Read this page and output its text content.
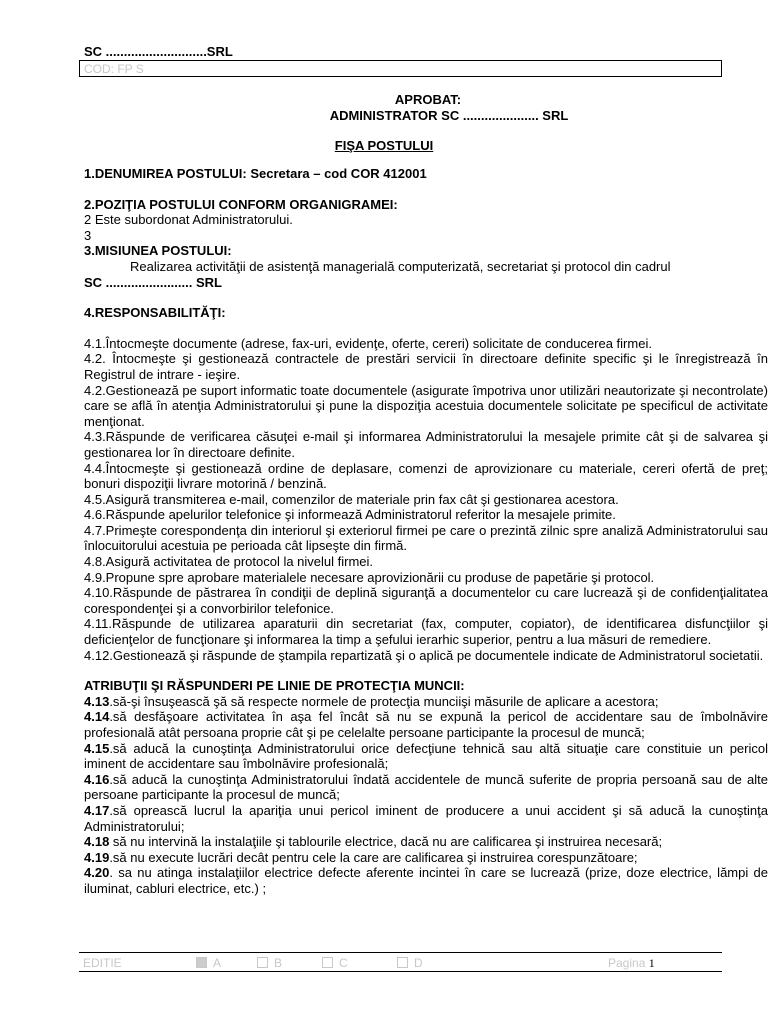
SC ............................SRL
COD: FP S
APROBAT:
ADMINISTRATOR SC ..................... SRL
FIŞA POSTULUI

1.DENUMIREA POSTULUI: Secretara – cod COR 412001

2.POZIŢIA POSTULUI CONFORM ORGANIGRAMEI:

2 Este subordonat Administratorului.

3

3.MISIUNEA POSTULUI:

Realizarea activităţii de asistenţă managerială computerizată, secretariat şi protocol din cadrul

SC ........................ SRL

4.RESPONSABILITĂŢI:

4.1.Întocmeşte documente (adrese, fax-uri, evidenţe, oferte, cereri) solicitate de conducerea firmei.

4.2. Întocmeşte şi gestionează contractele de prestări servicii în directoare definite specific şi le înregistrează în Registrul de intrare - ieşire.

4.2.Gestionează pe suport informatic toate documentele (asigurate împotriva unor utilizări neautorizate şi necontrolate) care se află în atenţia Administratorului şi pune la dispoziţia acestuia documentele solicitate pe specificul de activitate menţionat.

4.3.Răspunde de verificarea căsuţei e-mail şi informarea Administratorului la mesajele primite cât şi de salvarea şi gestionarea lor în directoare definite.

4.4.Întocmeşte şi gestionează ordine de deplasare, comenzi de aprovizionare cu materiale, cereri ofertă de preţ; bonuri dispoziţii livrare motorină / benzină.

4.5.Asigură transmiterea e-mail, comenzilor de materiale prin fax cât şi gestionarea acestora.

4.6.Răspunde apelurilor telefonice şi informează Administratorul referitor la mesajele primite.

4.7.Primeşte corespondenţa din interiorul şi exteriorul firmei pe care o prezintă zilnic spre analiză Administratorului sau înlocuitorului acestuia pe perioada cât lipseşte din firmă.

4.8.Asigură activitatea de protocol la nivelul firmei.

4.9.Propune spre aprobare materialele necesare aprovizionării cu produse de papetărie şi protocol.

4.10.Răspunde de păstrarea în condiţii de deplină siguranţă a documentelor cu care lucrează şi de confidenţialitatea corespondenţei şi a convorbirilor telefonice.

4.11.Răspunde de utilizarea aparaturii din secretariat (fax, computer, copiator), de identificarea disfuncţiilor şi deficienţelor de funcţionare şi informarea la timp a şefului ierarhic superior, pentru a lua măsuri de remediere.

4.12.Gestionează şi răspunde de ştampila repartizată şi o aplică pe documentele indicate de Administratorul societatii.

ATRIBUŢII ŞI RĂSPUNDERI PE LINIE DE PROTECŢIA MUNCII:

4.13.să-şi însuşească şă să respecte normele de protecţia munciişi măsurile de aplicare a acestora;

4.14.să desfăşoare activitatea în aşa fel încât să nu se expună la pericol de accidentare sau de îmbolnăvire profesională atât persoana proprie cât şi pe celelalte persoane participante la procesul de muncă;

4.15.să aducă la cunoştinţa Administratorului orice defecţiune tehnică sau altă situaţie care constituie un pericol iminent de accidentare sau îmbolnăvire profesională;

4.16.să aducă la cunoştinţa Administratorului îndată accidentele de muncă suferite de propria persoană sau de alte persoane participante la procesul de muncă;

4.17.să oprească lucrul la apariţia unui pericol iminent de producere a unui accident şi să aducă la cunoştinţa Administratorului;

4.18 să nu intervină la instalaţiile şi tablourile electrice, dacă nu are calificarea şi instruirea necesară;

4.19.să nu execute lucrări decât pentru cele la care are calificarea şi instruirea corespunzătoare;

4.20. sa nu atinga instalaţiilor electrice defecte aferente incintei în care se lucrează (prize, doze electrice, lămpi de iluminat, cabluri electrice, etc.) ;

EDITIE	A	B	C	D	Pagina 1
